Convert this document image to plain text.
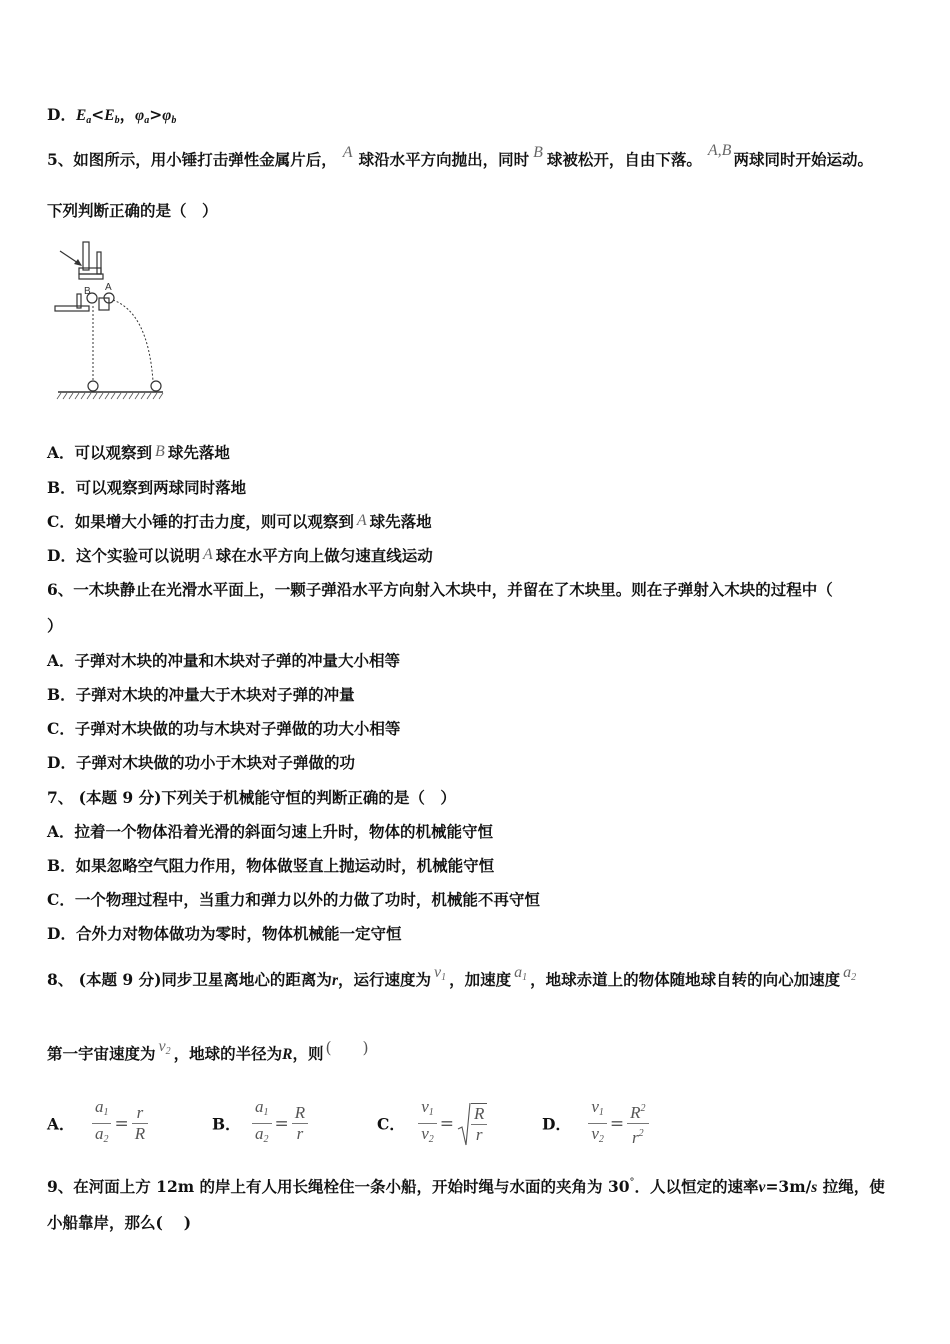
D．$E_a<E_b$，$\varphi_a>\varphi_b$
5、如图所示，用小锤打击弹性金属片后， A 球沿水平方向抛出，同时 B 球被松开，自由下落。 A,B 两球同时开始运动。
下列判断正确的是（　）
B A
A．可以观察到 B 球先落地
B．可以观察到两球同时落地
C．如果增大小锤的打击力度，则可以观察到 A 球先落地
D．这个实验可以说明 A 球在水平方向上做匀速直线运动
6、一木块静止在光滑水平面上，一颗子弹沿水平方向射入木块中，并留在了木块里。则在子弹射入木块的过程中（
）
A．子弹对木块的冲量和木块对子弹的冲量大小相等
B．子弹对木块的冲量大于木块对子弹的冲量
C．子弹对木块做的功与木块对子弹做的功大小相等
D．子弹对木块做的功小于木块对子弹做的功
7、 (本题 9 分)下列关于机械能守恒的判断正确的是（　）
A．拉着一个物体沿着光滑的斜面匀速上升时，物体的机械能守恒
B．如果忽略空气阻力作用，物体做竖直上抛运动时，机械能守恒
C．一个物理过程中，当重力和弹力以外的力做了功时，机械能不再守恒
D．合外力对物体做功为零时，物体机械能一定守恒
8、 (本题 9 分)同步卫星离地心的距离为r，运行速度为 $v_1$ ，加速度 $a_1$ ，地球赤道上的物体随地球自转的向心加速度 $a_2$
第一宇宙速度为 $v_2$ ，地球的半径为R，则 (　　)
A． $\frac{a_1}{a_2} = \frac{r}{R}$	B． $\frac{a_1}{a_2} = \frac{R}{r}$	C． $\frac{v_1}{v_2} = \frac{R}{r}$	D． $\frac{v_1}{v_2} = \frac{R^2}{r^2}$
9、在河面上方 12m 的岸上有人用长绳栓住一条小船，开始时绳与水面的夹角为 30°．人以恒定的速率v=3m/s 拉绳，使
小船靠岸，那么(　 )
